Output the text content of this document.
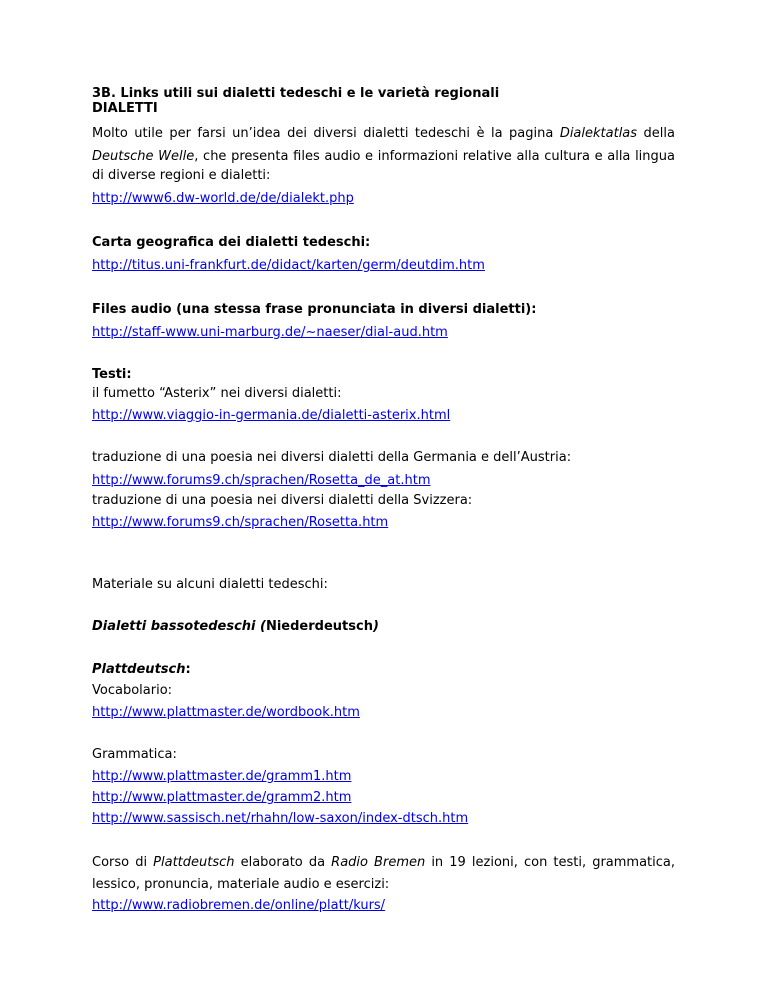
3B. Links utili sui dialetti tedeschi e le varietà regionali
DIALETTI
Molto utile per farsi un’idea dei diversi dialetti tedeschi è la pagina Dialektatlas della
Deutsche Welle, che presenta files audio e informazioni relative alla cultura e alla lingua
di diverse regioni e dialetti:
http://www6.dw-world.de/de/dialekt.php
Carta geografica dei dialetti tedeschi:
http://titus.uni-frankfurt.de/didact/karten/germ/deutdim.htm
Files audio (una stessa frase pronunciata in diversi dialetti):
http://staff-www.uni-marburg.de/~naeser/dial-aud.htm
Testi:
il fumetto “Asterix” nei diversi dialetti:
http://www.viaggio-in-germania.de/dialetti-asterix.html
traduzione di una poesia nei diversi dialetti della Germania e dell’Austria:
http://www.forums9.ch/sprachen/Rosetta_de_at.htm
traduzione di una poesia nei diversi dialetti della Svizzera:
http://www.forums9.ch/sprachen/Rosetta.htm
Materiale su alcuni dialetti tedeschi:
Dialetti bassotedeschi (Niederdeutsch)
Plattdeutsch:
Vocabolario:
http://www.plattmaster.de/wordbook.htm
Grammatica:
http://www.plattmaster.de/gramm1.htm
http://www.plattmaster.de/gramm2.htm
http://www.sassisch.net/rhahn/low-saxon/index-dtsch.htm
Corso di Plattdeutsch elaborato da Radio Bremen in 19 lezioni, con testi, grammatica,
lessico, pronuncia, materiale audio e esercizi:
http://www.radiobremen.de/online/platt/kurs/
